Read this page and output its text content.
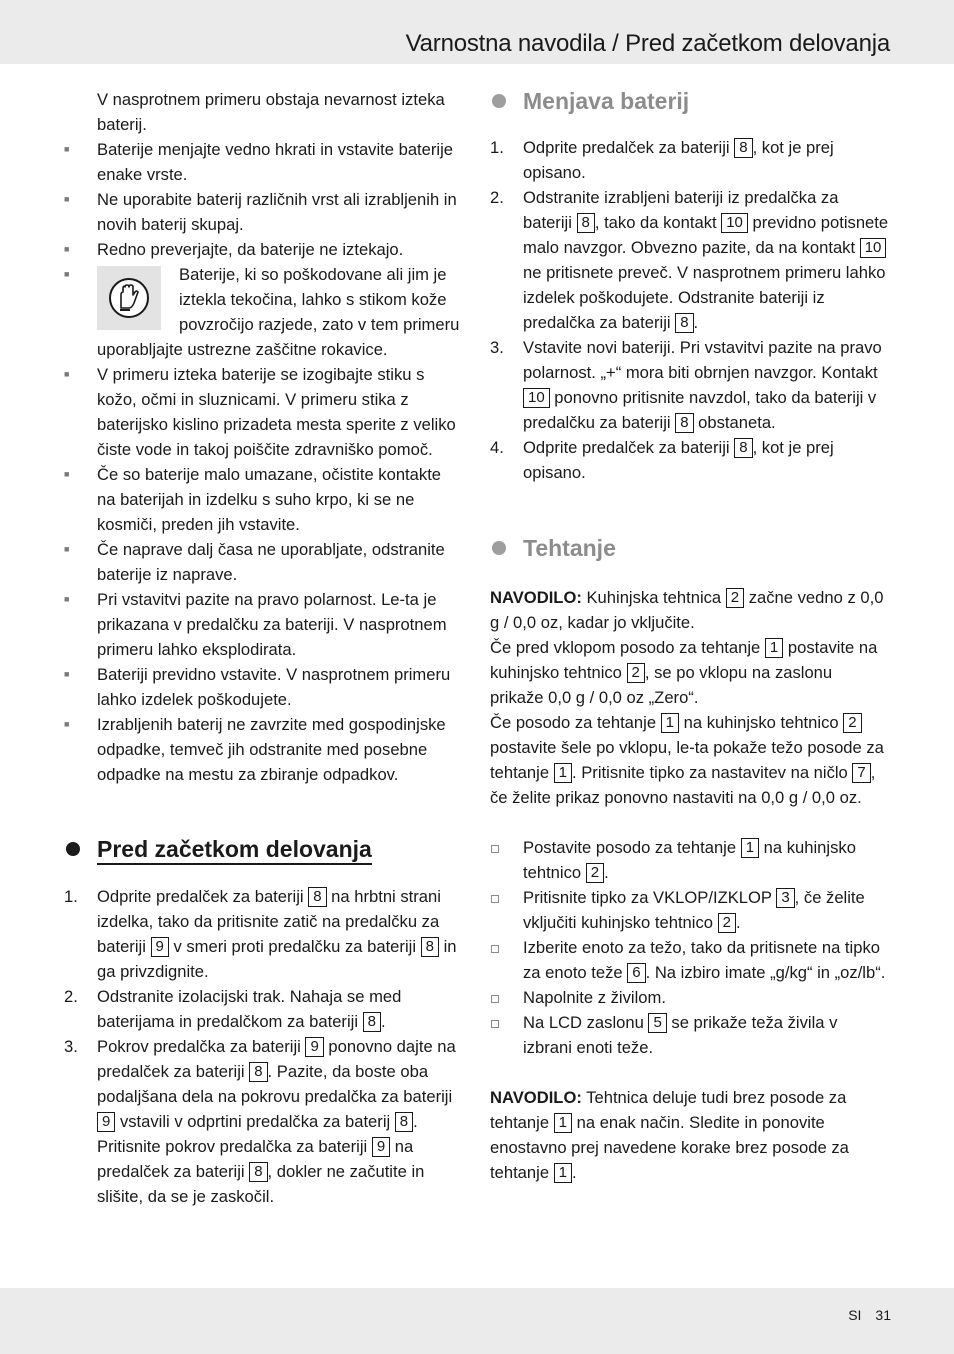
Varnostna navodila / Pred začetkom delovanja

V nasprotnem primeru obstaja nevarnost izteka baterij.

■ Baterije menjajte vedno hkrati in vstavite baterije enake vrste.

■ Ne uporabite baterij različnih vrst ali izrabljenih in novih baterij skupaj.

■ Redno preverjajte, da baterije ne iztekajo.

■ Baterije, ki so poškodovane ali jim je iztekla tekočina, lahko s stikom kože povzročijo razjede, zato v tem primeru uporabljajte ustrezne zaščitne rokavice.

■ V primeru izteka baterije se izogibajte stiku s kožo, očmi in sluznicami. V primeru stika z baterijsko kislino prizadeta mesta sperite z veliko čiste vode in takoj poiščite zdravniško pomoč.

■ Če so baterije malo umazane, očistite kontakte na baterijah in izdelku s suho krpo, ki se ne kosmiči, preden jih vstavite.

■ Če naprave dalj časa ne uporabljate, odstranite baterije iz naprave.

■ Pri vstavitvi pazite na pravo polarnost. Le-ta je prikazana v predalčku za bateriji. V nasprotnem primeru lahko eksplodirata.

■ Bateriji previdno vstavite. V nasprotnem primeru lahko izdelek poškodujete.

■ Izrabljenih baterij ne zavrzite med gospodinjske odpadke, temveč jih odstranite med posebne odpadke na mestu za zbiranje odpadkov.

Pred začetkom delovanja
1. Odprite predalček za bateriji 8 na hrbtni strani izdelka, tako da pritisnite zatič na predalčku za bateriji 9 v smeri proti predalčku za bateriji 8 in ga privzdignite.
2. Odstranite izolacijski trak. Nahaja se med baterijama in predalčkom za bateriji 8 .
3. Pokrov predalčka za bateriji 9 ponovno dajte na predalček za bateriji 8 . Pazite, da boste oba podaljšana dela na pokrovu predalčka za bateriji 9 vstavili v odprtini predalčka za baterij 8 . Pritisnite pokrov predalčka za bateriji 9 na predalček za bateriji 8 , dokler ne začutite in slišite, da se je zaskočil.
Menjava baterij
1. Odprite predalček za bateriji 8 , kot je prej opisano.
2. Odstranite izrabljeni bateriji iz predalčka za bateriji 8 , tako da kontakt 10 previdno potisnete malo navzgor. Obvezno pazite, da na kontakt 10 ne pritisnete preveč. V nasprotnem primeru lahko izdelek poškodujete. Odstranite bateriji iz predalčka za bateriji 8 .
3. Vstavite novi bateriji. Pri vstavitvi pazite na pravo polarnost. „+“ mora biti obrnjen navzgor. Kontakt 10 ponovno pritisnite navzdol, tako da bateriji v predalčku za bateriji 8 obstaneta.
4. Odprite predalček za bateriji 8 , kot je prej opisano.
Tehtanje

NAVODILO: Kuhinjska tehtnica 2 začne vedno z 0,0 g / 0,0 oz, kadar jo vključite.

Če pred vklopom posodo za tehtanje 1 postavite na kuhinjsko tehtnico 2 , se po vklopu na zaslonu prikaže 0,0 g / 0,0 oz „Zero“.

Če posodo za tehtanje 1 na kuhinjsko tehtnico 2 postavite šele po vklopu, le-ta pokaže težo posode za tehtanje 1 . Pritisnite tipko za nastavitev na ničlo 7 , če želite prikaz ponovno nastaviti na 0,0 g / 0,0 oz.

Postavite posodo za tehtanje 1 na kuhinjsko tehtnico 2 .
Pritisnite tipko za VKLOP/IZKLOP 3 , če želite vključiti kuhinjsko tehtnico 2 .
Izberite enoto za težo, tako da pritisnete na tipko za enoto teže 6 . Na izbiro imate „g/kg“ in „oz/lb“.
Napolnite z živilom.
Na LCD zaslonu 5 se prikaže teža živila v izbrani enoti teže.

NAVODILO: Tehtnica deluje tudi brez posode za tehtanje 1 na enak način. Sledite in ponovite enostavno prej navedene korake brez posode za tehtanje 1 .

SI 31
